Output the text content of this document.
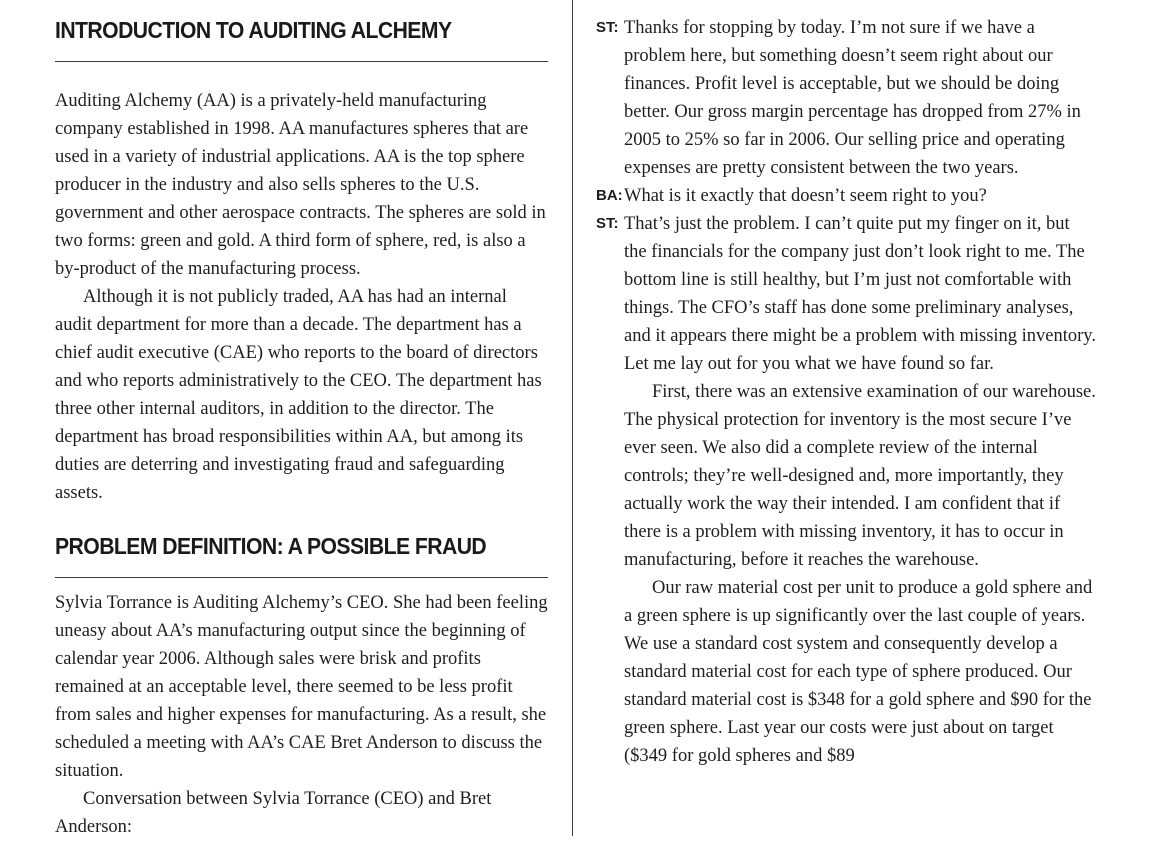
INTRODUCTION TO AUDITING ALCHEMY

Auditing Alchemy (AA) is a privately-held manufacturing company established in 1998. AA manufactures spheres that are used in a variety of industrial applications. AA is the top sphere producer in the industry and also sells spheres to the U.S. government and other aerospace contracts. The spheres are sold in two forms: green and gold. A third form of sphere, red, is also a by-product of the manufacturing process.

Although it is not publicly traded, AA has had an internal audit department for more than a decade. The department has a chief audit executive (CAE) who reports to the board of directors and who reports administratively to the CEO. The department has three other internal auditors, in addition to the director. The department has broad responsibilities within AA, but among its duties are deterring and investigating fraud and safeguarding assets.

PROBLEM DEFINITION: A POSSIBLE FRAUD

Sylvia Torrance is Auditing Alchemy’s CEO. She had been feeling uneasy about AA’s manufacturing output since the beginning of calendar year 2006. Although sales were brisk and profits remained at an acceptable level, there seemed to be less profit from sales and higher expenses for manufacturing. As a result, she scheduled a meeting with AA’s CAE Bret Anderson to discuss the situation.

Conversation between Sylvia Torrance (CEO) and Bret Anderson:

ST: Thanks for stopping by today. I’m not sure if we have a problem here, but something doesn’t seem right about our finances. Profit level is acceptable, but we should be doing better. Our gross margin percentage has dropped from 27% in 2005 to 25% so far in 2006. Our selling price and operating expenses are pretty consistent between the two years.

BA: What is it exactly that doesn’t seem right to you?

ST: That’s just the problem. I can’t quite put my finger on it, but the financials for the company just don’t look right to me. The bottom line is still healthy, but I’m just not comfortable with things. The CFO’s staff has done some preliminary analyses, and it appears there might be a problem with missing inventory. Let me lay out for you what we have found so far.

First, there was an extensive examination of our warehouse. The physical protection for inventory is the most secure I’ve ever seen. We also did a complete review of the internal controls; they’re well-designed and, more importantly, they actually work the way their intended. I am confident that if there is a problem with missing inventory, it has to occur in manufacturing, before it reaches the warehouse.

Our raw material cost per unit to produce a gold sphere and a green sphere is up significantly over the last couple of years. We use a standard cost system and consequently develop a standard material cost for each type of sphere produced. Our standard material cost is $348 for a gold sphere and $90 for the green sphere. Last year our costs were just about on target ($349 for gold spheres and $89
